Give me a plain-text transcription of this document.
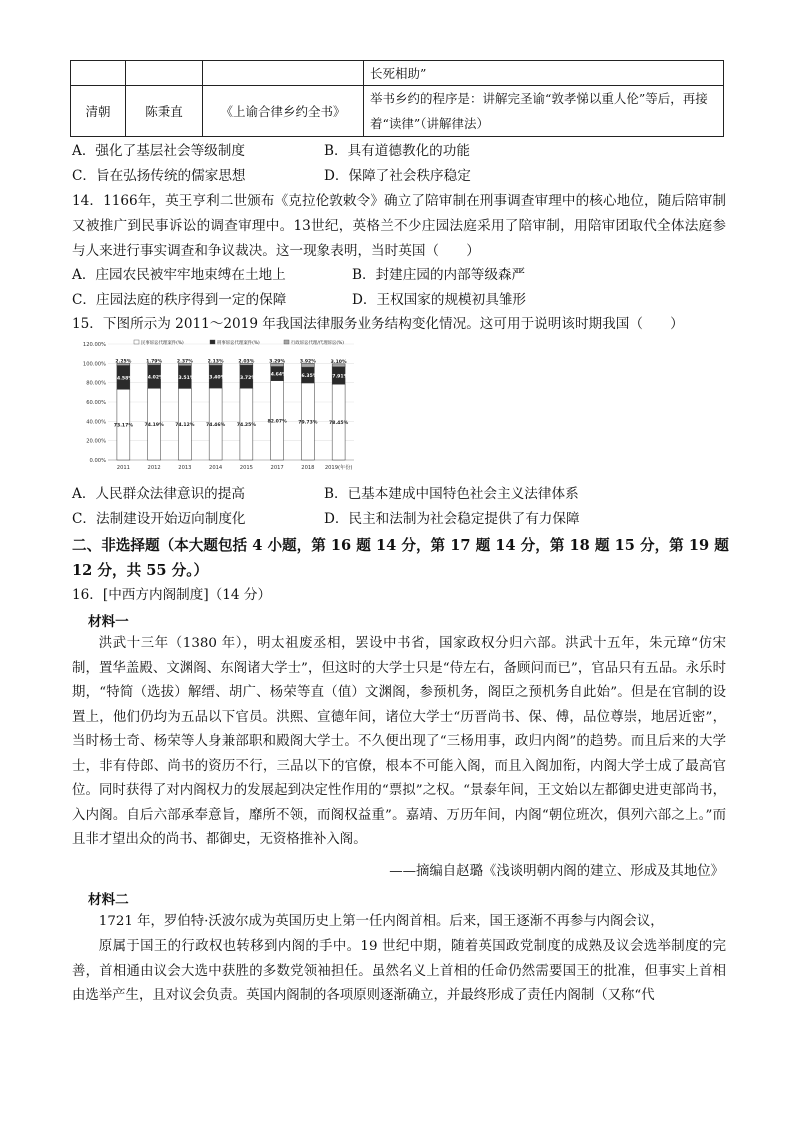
			长死相助”
清朝	陈秉直	《上谕合律乡约全书》	举书乡约的程序是：讲解完圣谕“敦孝悌以重人伦”等后，再接着“读律”（讲解律法）
A．强化了基层社会等级制度	B．具有道德教化的功能
C．旨在弘扬传统的儒家思想	D．保障了社会秩序稳定
14．1166年，英王亨利二世颁布《克拉伦敦敕令》确立了陪审制在刑事调查审理中的核心地位，随后陪审制又被推广到民事诉讼的调查审理中。13世纪，英格兰不少庄园法庭采用了陪审制，用陪审团取代全体法庭参与人来进行事实调查和争议裁决。这一现象表明，当时英国（　　）
A．庄园农民被牢牢地束缚在土地上	B．封建庄园的内部等级森严
C．庄园法庭的秩序得到一定的保障	D．王权国家的规模初具雏形
15．下图所示为 2011～2019 年我国法律服务业务结构变化情况。这可用于说明该时期我国（　　）
120.00%
100.00%
80.00%
60.00%
40.00%
20.00%
0.00%
民事诉讼代理案件(%)	刑事诉讼代理案件(%)	行政诉讼代理/代理诉讼(%)
73.17%
24.58%
2.25%
74.19%
24.02%
1.79%
74.12%
23.51%
2.37%
74.46%
23.40%
2.13%
74.25%
23.72%
2.03%
82.07%
14.64%
3.29%
79.73%
16.35%
3.92%
78.45%
17.91%
3.10%
2011	2012	2013	2014	2015	2017	2018 2019(年份)
A．人民群众法律意识的提高	B．已基本建成中国特色社会主义法律体系
C．法制建设开始迈向制度化	D．民主和法制为社会稳定提供了有力保障
二、非选择题（本大题包括 4 小题，第 16 题 14 分，第 17 题 14 分，第 18 题 15 分，第 19 题
12 分，共 55 分。）
16．[中西方内阁制度]（14 分）
材料一
洪武十三年（1380 年），明太祖废丞相，罢设中书省，国家政权分归六部。洪武十五年，朱元璋“仿宋制，置华盖殿、文渊阁、东阁诸大学士”，但这时的大学士只是“侍左右，备顾问而已”，官品只有五品。永乐时期，“特简（选拔）解缙、胡广、杨荣等直（值）文渊阁，参预机务，阁臣之预机务自此始”。但是在官制的设置上，他们仍均为五品以下官员。洪熙、宣德年间，诸位大学士“历晋尚书、保、傅，品位尊崇，地居近密”，当时杨士奇、杨荣等人身兼部职和殿阁大学士。不久便出现了“三杨用事，政归内阁”的趋势。而且后来的大学士，非有侍郎、尚书的资历不行，三品以下的官僚，根本不可能入阁，而且入阁加衔，内阁大学士成了最高官位。同时获得了对内阁权力的发展起到决定性作用的“票拟”之权。“景泰年间，王文始以左都御史进吏部尚书，入内阁。自后六部承奉意旨，靡所不领，而阁权益重”。嘉靖、万历年间，内阁“朝位班次，俱列六部之上。”而且非才望出众的尚书、都御史，无资格推补入阁。
——摘编自赵璐《浅谈明朝内阁的建立、形成及其地位》
材料二
1721 年，罗伯特·沃波尔成为英国历史上第一任内阁首相。后来，国王逐渐不再参与内阁会议，
原属于国王的行政权也转移到内阁的手中。19 世纪中期，随着英国政党制度的成熟及议会选举制度的完善，首相通由议会大选中获胜的多数党领袖担任。虽然名义上首相的任命仍然需要国王的批准，但事实上首相由选举产生，且对议会负责。英国内阁制的各项原则逐渐确立，并最终形成了责任内阁制（又称“代
